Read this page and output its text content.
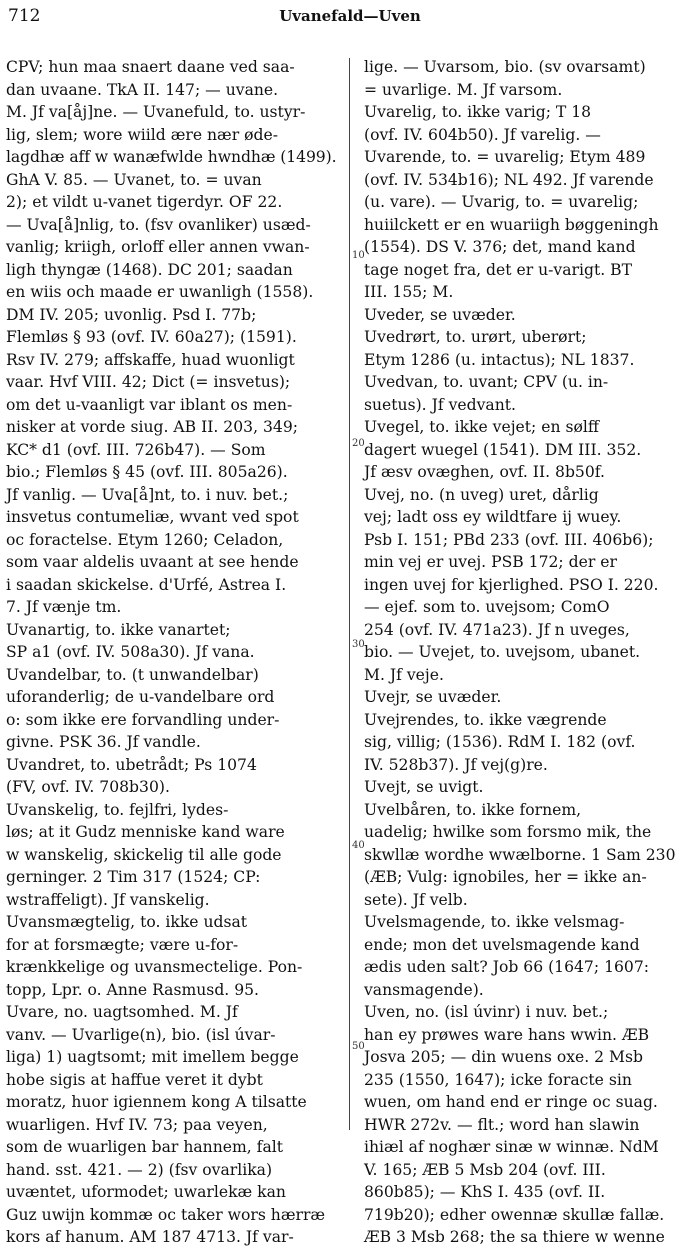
712	Uvanefald—Uven
CPV; hun maa snaert daane ved saa-
dan uvaane. TkA II. 147; — uvane.
M. Jf va[åj]ne. — Uvanefuld, to. ustyr-
lig, slem; wore wiild ære nær øde-
lagdhæ aff w wanæfwlde hwndhæ (1499).
GhA V. 85. — Uvanet, to. = uvan
2); et vildt u-vanet tigerdyr. OF 22.
— Uva[å]nlig, to. (fsv ovanliker) usæd-
vanlig; kriigh, orloff eller annen vwan-
ligh thyngæ (1468). DC 201; saadan
en wiis och maade er uwanligh (1558).
DM IV. 205; uvonlig. Psd I. 77b;
Flemløs § 93 (ovf. IV. 60a27); (1591).
Rsv IV. 279; affskaffe, huad wuonligt
vaar. Hvf VIII. 42; Dict (= insvetus);
om det u-vaanligt var iblant os men-
nisker at vorde siug. AB II. 203, 349;
KC* d1 (ovf. III. 726b47). — Som
bio.; Flemløs § 45 (ovf. III. 805a26).
Jf vanlig. — Uva[å]nt, to. i nuv. bet.;
insvetus contumeliæ, wvant ved spot
oc foractelse. Etym 1260; Celadon,
som vaar aldelis uvaant at see hende
i saadan skickelse. d'Urfé, Astrea I.
7. Jf vænje tm.
Uvanartig, to. ikke vanartet;
SP a1 (ovf. IV. 508a30). Jf vana.
Uvandelbar, to. (t unwandelbar)
uforanderlig; de u-vandelbare ord
o: som ikke ere forvandling under-
givne. PSK 36. Jf vandle.
Uvandret, to. ubetrådt; Ps 1074
(FV, ovf. IV. 708b30).
Uvanskelig, to. fejlfri, lydes-
løs; at it Gudz menniske kand ware
w wanskelig, skickelig til alle gode
gerninger. 2 Tim 317 (1524; CP:
wstraffeligt). Jf vanskelig.
Uvansmægtelig, to. ikke udsat
for at forsmægte; være u-for-
krænkkelige og uvansmectelige. Pon-
topp, Lpr. o. Anne Rasmusd. 95.
Uvare, no. uagtsomhed. M. Jf
vanv. — Uvarlige(n), bio. (isl úvar-
liga) 1) uagtsomt; mit imellem begge
hobe sigis at haffue veret it dybt
moratz, huor igiennem kong A tilsatte
wuarligen. Hvf IV. 73; paa veyen,
som de wuarligen bar hannem, falt
hand. sst. 421. — 2) (fsv ovarlika)
uvæntet, uformodet; uwarlekæ kan
Guz uwijn kommæ oc taker wors hærræ
kors af hanum. AM 187 4713. Jf var-
lige. — Uvarsom, bio. (sv ovarsamt)
= uvarlige. M. Jf varsom.
Uvarelig, to. ikke varig; T 18
(ovf. IV. 604b50). Jf varelig. —
Uvarende, to. = uvarelig; Etym 489
(ovf. IV. 534b16); NL 492. Jf varende
(u. vare). — Uvarig, to. = uvarelig;
huiilckett er en wuariigh bøggeningh
(1554). DS V. 376; det, mand kand
tage noget fra, det er u-varigt. BT
III. 155; M.
Uveder, se uvæder.
Uvedrørt, to. urørt, uberørt;
Etym 1286 (u. intactus); NL 1837.
Uvedvan, to. uvant; CPV (u. in-
suetus). Jf vedvant.
Uvegel, to. ikke vejet; en sølff
dagert wuegel (1541). DM III. 352.
Jf æsv ovæghen, ovf. II. 8b50f.
Uvej, no. (n uveg) uret, dårlig
vej; ladt oss ey wildtfare ij wuey.
Psb I. 151; PBd 233 (ovf. III. 406b6);
min vej er uvej. PSB 172; der er
ingen uvej for kjerlighed. PSO I. 220.
— ejef. som to. uvejsom; ComO
254 (ovf. IV. 471a23). Jf n uveges,
bio. — Uvejet, to. uvejsom, ubanet.
M. Jf veje.
Uvejr, se uvæder.
Uvejrendes, to. ikke vægrende
sig, villig; (1536). RdM I. 182 (ovf.
IV. 528b37). Jf vej(g)re.
Uvejt, se uvigt.
Uvelbåren, to. ikke fornem,
uadelig; hwilke som forsmo mik, the
skwllæ wordhe wwælborne. 1 Sam 230
(ÆB; Vulg: ignobiles, her = ikke an-
sete). Jf velb.
Uvelsmagende, to. ikke velsmag-
ende; mon det uvelsmagende kand
ædis uden salt? Job 66 (1647; 1607:
vansmagende).
Uven, no. (isl úvinr) i nuv. bet.;
han ey prøwes ware hans wwin. ÆB
Josva 205; — din wuens oxe. 2 Msb
235 (1550, 1647); icke foracte sin
wuen, om hand end er ringe oc suag.
HWR 272v. — flt.; word han slawin
ihiæl af noghær sinæ w winnæ. NdM
V. 165; ÆB 5 Msb 204 (ovf. III.
860b85); — KhS I. 435 (ovf. II.
719b20); edher owennæ skullæ fallæ.
ÆB 3 Msb 268; the sa thiere w wenne
10
20
30
40
50
